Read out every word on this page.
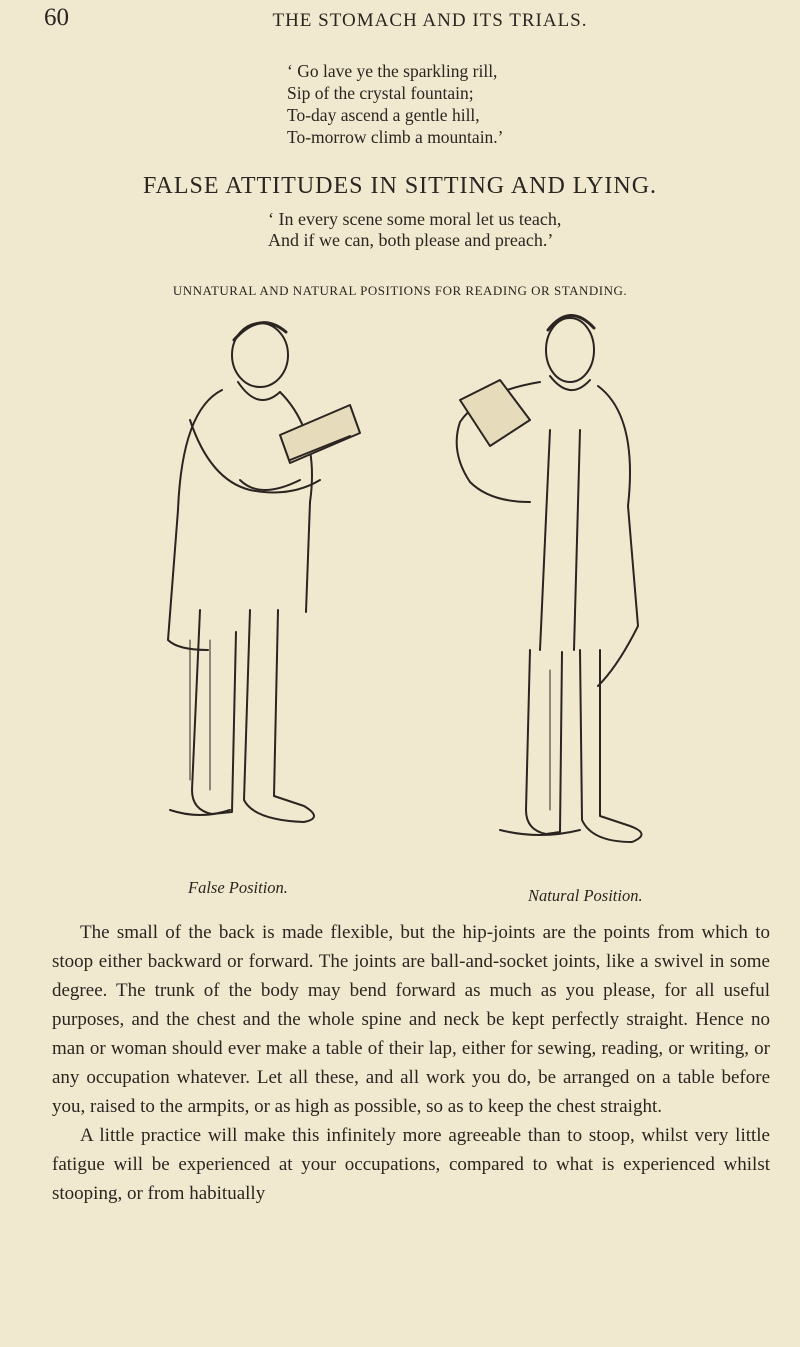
60	THE STOMACH AND ITS TRIALS.
‘ Go lave ye the sparkling rill,
Sip of the crystal fountain;
To-day ascend a gentle hill,
To-morrow climb a mountain.’
FALSE ATTITUDES IN SITTING AND LYING.
‘ In every scene some moral let us teach,
And if we can, both please and preach.’
UNNATURAL AND NATURAL POSITIONS FOR READING OR STANDING.
False Position.	Natural Position.

The small of the back is made flexible, but the hip-joints are the points from which to stoop either backward or forward. The joints are ball-and-socket joints, like a swivel in some degree. The trunk of the body may bend forward as much as you please, for all useful purposes, and the chest and the whole spine and neck be kept perfectly straight. Hence no man or woman should ever make a table of their lap, either for sewing, reading, or writing, or any occupation whatever. Let all these, and all work you do, be arranged on a table before you, raised to the armpits, or as high as possible, so as to keep the chest straight.

A little practice will make this infinitely more agreeable than to stoop, whilst very little fatigue will be experienced at your occupations, compared to what is experienced whilst stooping, or from habitually
